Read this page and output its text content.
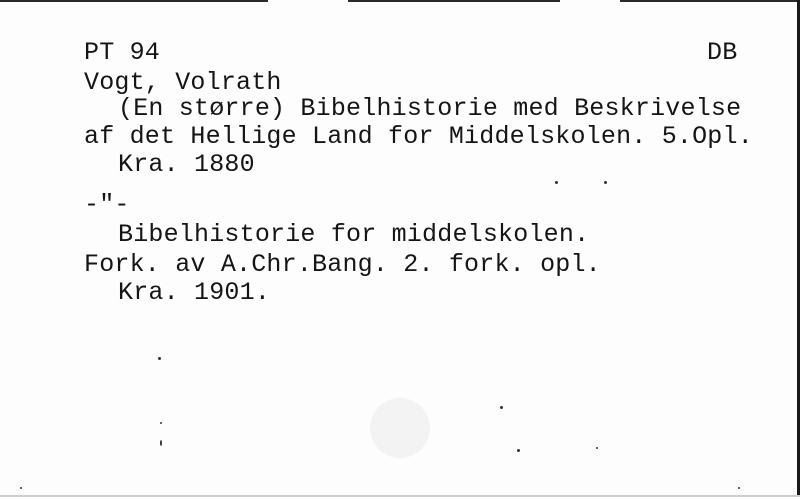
PT 94	DB
Vogt, Volrath
(En større) Bibelhistorie med Beskrivelse
af det Hellige Land for Middelskolen. 5.Opl.
Kra. 1880
-"-
Bibelhistorie for middelskolen.
Fork. av A.Chr.Bang. 2. fork. opl.
Kra. 1901.
